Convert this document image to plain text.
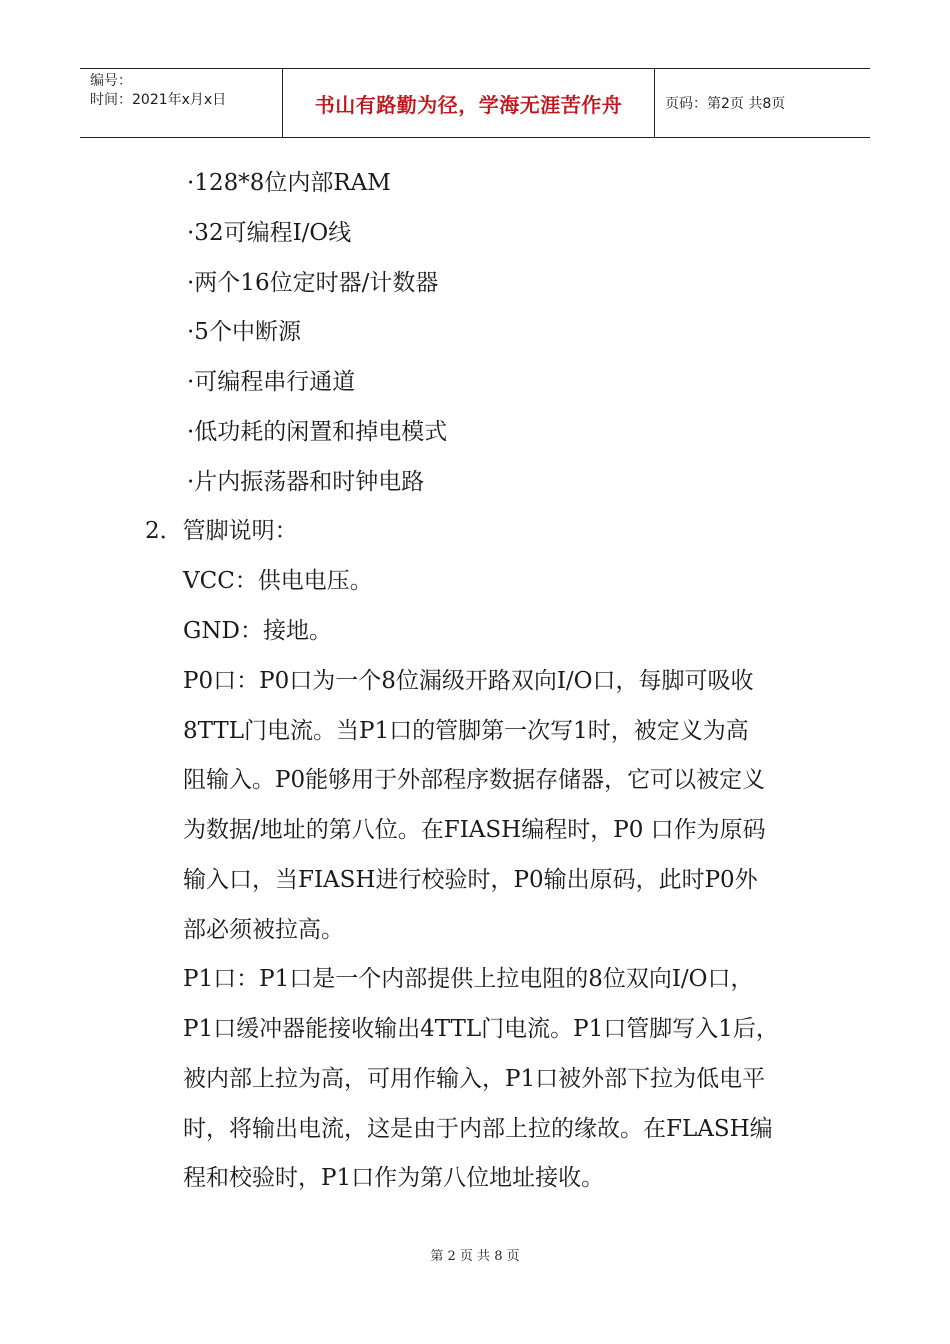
编号：
时间：2021年x月x日	书山有路勤为径，学海无涯苦作舟	页码：第2页 共8页
·128*8位内部RAM
·32可编程I/O线
·两个16位定时器/计数器
·5个中断源
·可编程串行通道
·低功耗的闲置和掉电模式
·片内振荡器和时钟电路
2．管脚说明：
VCC：供电电压。
GND：接地。
P0口：P0口为一个8位漏级开路双向I/O口，每脚可吸收
8TTL门电流。当P1口的管脚第一次写1时，被定义为高
阻输入。P0能够用于外部程序数据存储器，它可以被定义
为数据/地址的第八位。在FIASH编程时，P0 口作为原码
输入口，当FIASH进行校验时，P0输出原码，此时P0外
部必须被拉高。
P1口：P1口是一个内部提供上拉电阻的8位双向I/O口，
P1口缓冲器能接收输出4TTL门电流。P1口管脚写入1后，
被内部上拉为高，可用作输入，P1口被外部下拉为低电平
时，将输出电流，这是由于内部上拉的缘故。在FLASH编
程和校验时，P1口作为第八位地址接收。
第 2 页 共 8 页
